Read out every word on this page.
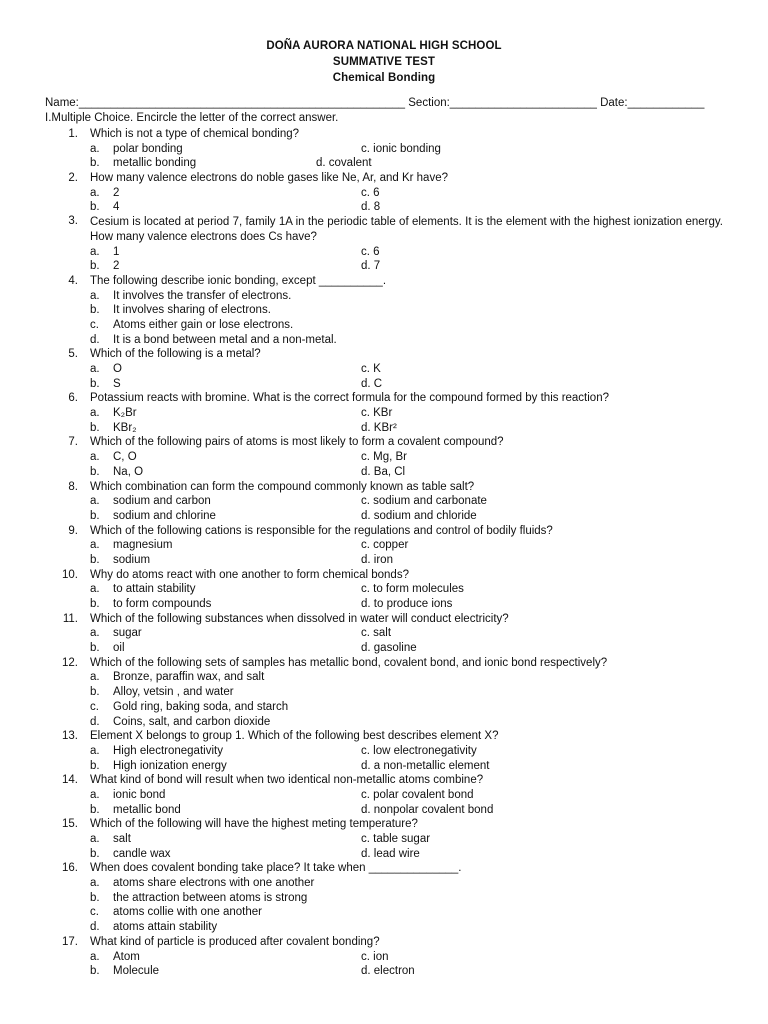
DOÑA AURORA NATIONAL HIGH SCHOOL
SUMMATIVE TEST
Chemical Bonding
Name:___________________________________________________ Section:_______________________ Date:____________
I.Multiple Choice. Encircle the letter of the correct answer.
1. Which is not a type of chemical bonding?
a. polar bonding	c. ionic bonding
b. metallic bonding	d. covalent
2. How many valence electrons do noble gases like Ne, Ar, and Kr have?
a. 2	c. 6
b. 4	d. 8
3. Cesium is located at period 7, family 1A in the periodic table of elements. It is the element with the highest ionization energy. How many valence electrons does Cs have?
a. 1	c. 6
b. 2	d. 7
4. The following describe ionic bonding, except __________.
a. It involves the transfer of electrons.
b. It involves sharing of electrons.
c. Atoms either gain or lose electrons.
d. It is a bond between metal and a non-metal.
5. Which of the following is a metal?
a. O	c. K
b. S	d. C
6. Potassium reacts with bromine. What is the correct formula for the compound formed by this reaction?
a. K₂Br	c. KBr
b. KBr₂	d. KBr²
7. Which of the following pairs of atoms is most likely to form a covalent compound?
a. C, O	c. Mg, Br
b. Na, O	d. Ba, Cl
8. Which combination can form the compound commonly known as table salt?
a. sodium and carbon	c. sodium and carbonate
b. sodium and chlorine	d. sodium and chloride
9. Which of the following cations is responsible for the regulations and control of bodily fluids?
a. magnesium	c. copper
b. sodium	d. iron
10. Why do atoms react with one another to form chemical bonds?
a. to attain stability	c. to form molecules
b. to form compounds	d. to produce ions
11. Which of the following substances when dissolved in water will conduct electricity?
a. sugar	c. salt
b. oil	d. gasoline
12. Which of the following sets of samples has metallic bond, covalent bond, and ionic bond respectively?
a. Bronze, paraffin wax, and salt
b. Alloy, vetsin , and water
c. Gold ring, baking soda, and starch
d. Coins, salt, and carbon dioxide
13. Element X belongs to group 1. Which of the following best describes element X?
a. High electronegativity	c. low electronegativity
b. High ionization energy	d. a non-metallic element
14. What kind of bond will result when two identical non-metallic atoms combine?
a. ionic bond	c. polar covalent bond
b. metallic bond	d. nonpolar covalent bond
15. Which of the following will have the highest meting temperature?
a. salt	c. table sugar
b. candle wax	d. lead wire
16. When does covalent bonding take place? It take when ______________.
a. atoms share electrons with one another
b. the attraction between atoms is strong
c. atoms collie with one another
d. atoms attain stability
17. What kind of particle is produced after covalent bonding?
a. Atom	c. ion
b. Molecule	d. electron
